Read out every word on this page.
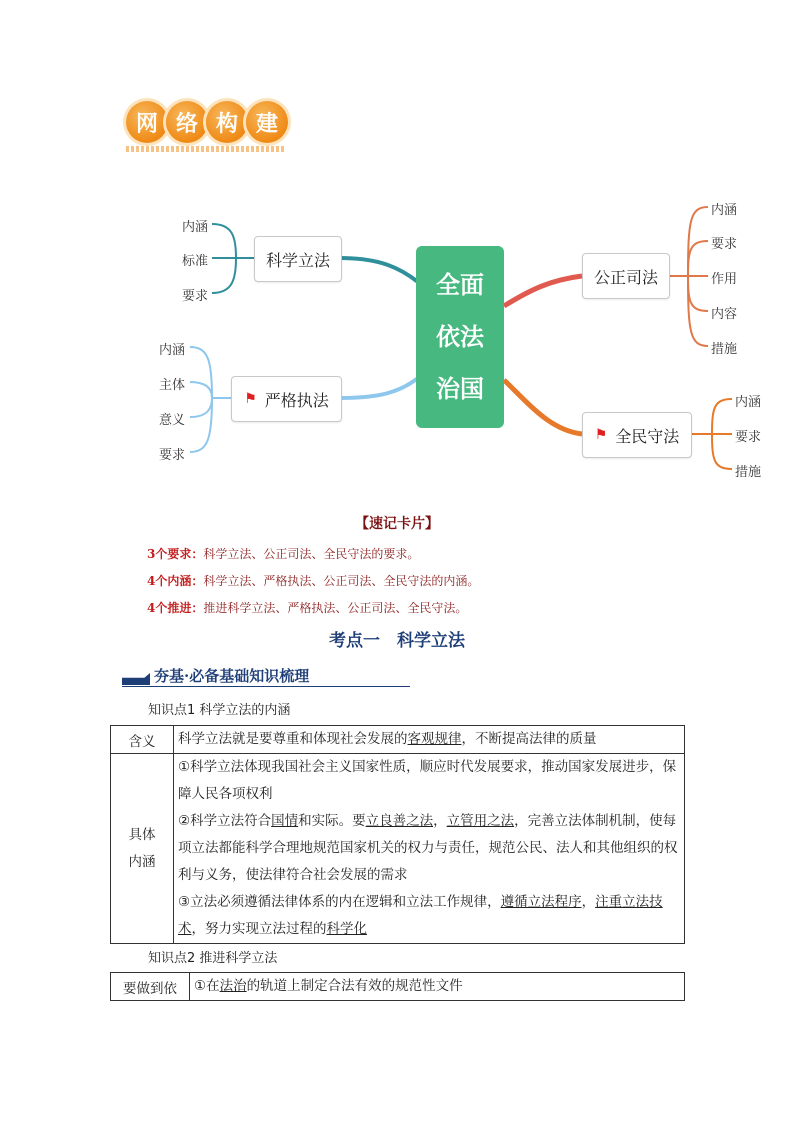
网 络 构 建
全面
依法
治国
科学立法
⚑ 严格执法
公正司法
⚑ 全民守法
内涵
标准
要求
内涵
主体
意义
要求
内涵
要求
作用
内容
措施
内涵
要求
措施
【速记卡片】
3个要求：科学立法、公正司法、全民守法的要求。
4个内涵：科学立法、严格执法、公正司法、全民守法的内涵。
4个推进：推进科学立法、严格执法、公正司法、全民守法。
考点一　科学立法
夯基·必备基础知识梳理
知识点1 科学立法的内涵
含义	科学立法就是要尊重和体现社会发展的客观规律，不断提高法律的质量

具体内涵	①科学立法体现我国社会主义国家性质，顺应时代发展要求，推动国家发展进步，保障人民各项权利
②科学立法符合国情和实际。要立良善之法，立管用之法，完善立法体制机制，使每项立法都能科学合理地规范国家机关的权力与责任，规范公民、法人和其他组织的权利与义务，使法律符合社会发展的需求
③立法必须遵循法律体系的内在逻辑和立法工作规律，遵循立法程序，注重立法技术，努力实现立法过程的科学化
知识点2 推进科学立法
要做到依	①在法治的轨道上制定合法有效的规范性文件
